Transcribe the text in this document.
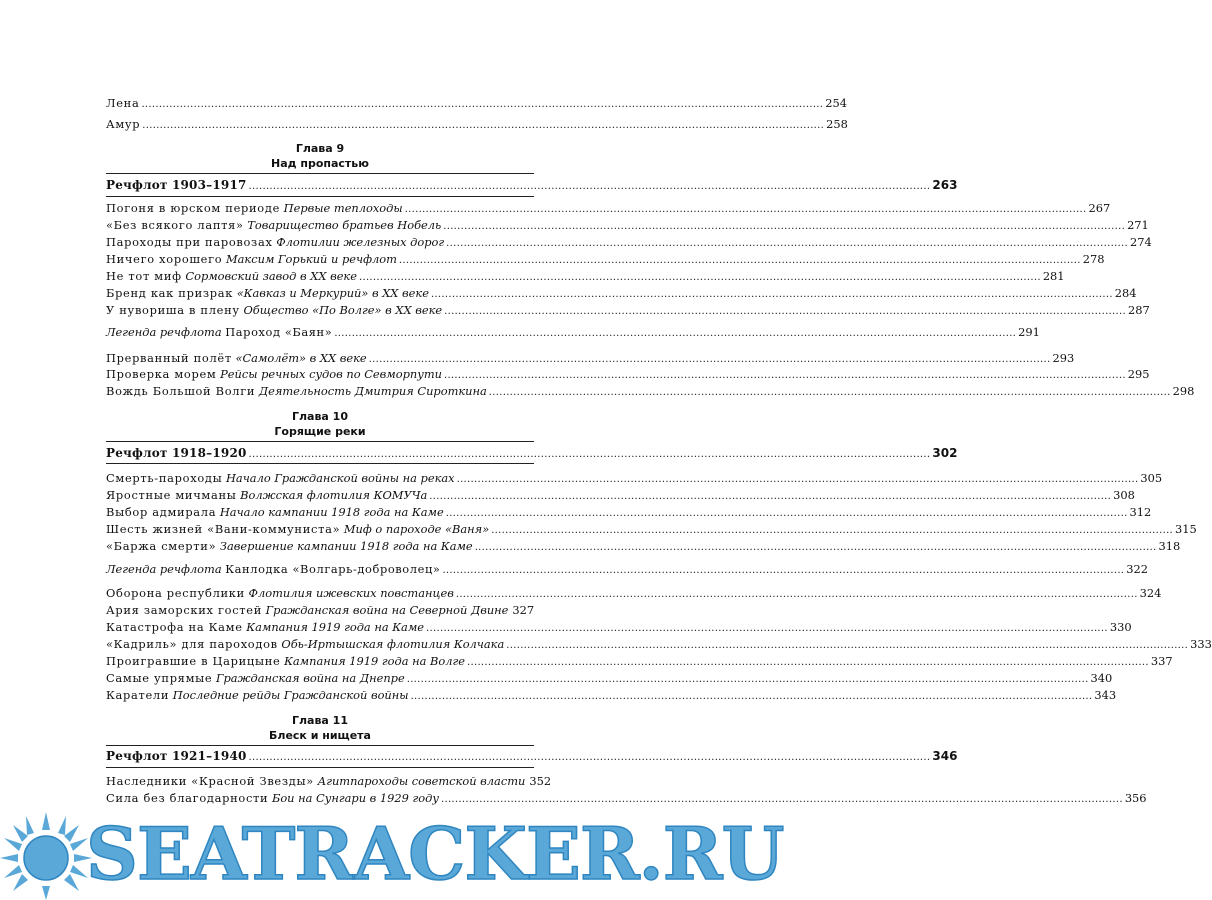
Лена .....	254
Амур .....	258
Глава 9
Над пропастью
Речфлот 1903–1917 .....	263
Погоня в юрском периоде Первые теплоходы .....	267
«Без всякого лаптя» Товарищество братьев Нобель .....	271
Пароходы при паровозах Флотилии железных дорог .....	274
Ничего хорошего Максим Горький и речфлот .....	278
Не тот миф Сормовский завод в XX веке .....	281
Бренд как призрак «Кавказ и Меркурий» в XX веке .....	284
У нувориша в плену Общество «По Волге» в XX веке .....	287
Легенда речфлота Пароход «Баян» .....	291
Прерванный полёт «Самолёт» в XX веке .....	293
Проверка морем Рейсы речных судов по Севморпути .....	295
Вождь Большой Волги Деятельность Дмитрия Сироткина .....	298
Глава 10
Горящие реки
Речфлот 1918–1920 .....	302
Смерть-пароходы Начало Гражданской войны на реках .....	305
Яростные мичманы Волжская флотилия КОМУЧа .....	308
Выбор адмирала Начало кампании 1918 года на Каме .....	312
Шесть жизней «Вани-коммуниста» Миф о пароходе «Ваня» .....	315
«Баржа смерти» Завершение кампании 1918 года на Каме .....	318
Легенда речфлота Канлодка «Волгарь-доброволец» .....	322
Оборона республики Флотилия ижевских повстанцев .....	324
Ария заморских гостей Гражданская война на Северной Двине 327
Катастрофа на Каме Кампания 1919 года на Каме .....	330
«Кадриль» для пароходов Обь-Иртышская флотилия Колчака .....	333
Проигравшие в Царицыне Кампания 1919 года на Волге .....	337
Самые упрямые Гражданская война на Днепре .....	340
Каратели Последние рейды Гражданской войны .....	343
Глава 11
Блеск и нищета
Речфлот 1921–1940 .....	346
Наследники «Красной Звезды» Агитпароходы советской власти 352
Сила без благодарности Бои на Сунгари в 1929 году .....	356
SEATRACKER.RU
